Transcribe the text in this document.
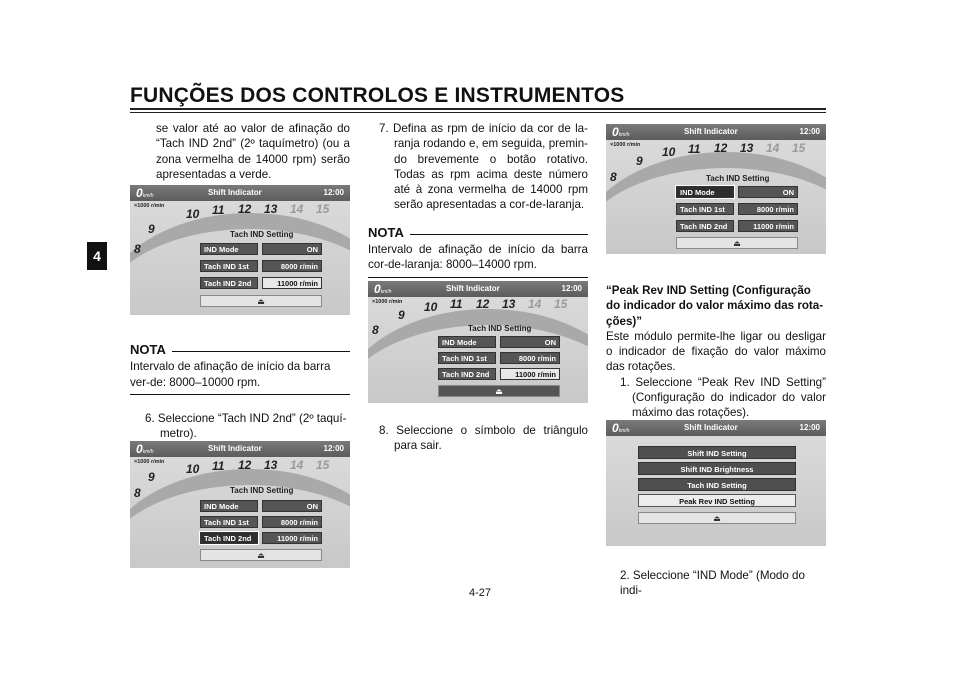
FUNÇÕES DOS CONTROLOS E INSTRUMENTOS
4
se valor até ao valor de afinação do “Tach IND 2nd” (2º taquímetro) (ou a zona vermelha de 14000 rpm) serão apresentadas a verde.
0km/h	Shift Indicator	12:00
×1000 r/min
8
9
10 11 12 13 14 15
Tach IND Setting
IND Mode	ON
Tach IND 1st	8000 r/min
Tach IND 2nd	11000 r/min
⏏
NOTA
Intervalo de afinação de início da barra ver-de: 8000–10000 rpm.
6. Seleccione “Tach IND 2nd” (2º taquí-metro).
0km/h	Shift Indicator	12:00
×1000 r/min
8
9
10 11 12 13 14 15
Tach IND Setting
IND Mode	ON
Tach IND 1st	8000 r/min
Tach IND 2nd	11000 r/min
⏏
7. Defina as rpm de início da cor de la-ranja rodando e, em seguida, premin-do brevemente o botão rotativo. Todas as rpm acima deste número até à zona vermelha de 14000 rpm serão apresentadas a cor-de-laranja.
NOTA
Intervalo de afinação de início da barra cor-de-laranja: 8000–14000 rpm.
0km/h	Shift Indicator	12:00
×1000 r/min
8
9
10 11 12 13 14 15
Tach IND Setting
IND Mode	ON
Tach IND 1st	8000 r/min
Tach IND 2nd	11000 r/min
⏏
8. Seleccione o símbolo de triângulo para sair.
0km/h	Shift Indicator	12:00
×1000 r/min
8
9
10 11 12 13 14 15
Tach IND Setting
IND Mode	ON
Tach IND 1st	8000 r/min
Tach IND 2nd	11000 r/min
⏏
“Peak Rev IND Setting (Configuração do indicador do valor máximo das rota-ções)”
Este módulo permite-lhe ligar ou desligar o indicador de fixação do valor máximo das rotações.
1. Seleccione “Peak Rev IND Setting” (Configuração do indicador do valor máximo das rotações).
0km/h	Shift Indicator	12:00
Shift IND Setting
Shift IND Brightness
Tach IND Setting
Peak Rev IND Setting
⏏
2. Seleccione “IND Mode” (Modo do indi-
4-27
